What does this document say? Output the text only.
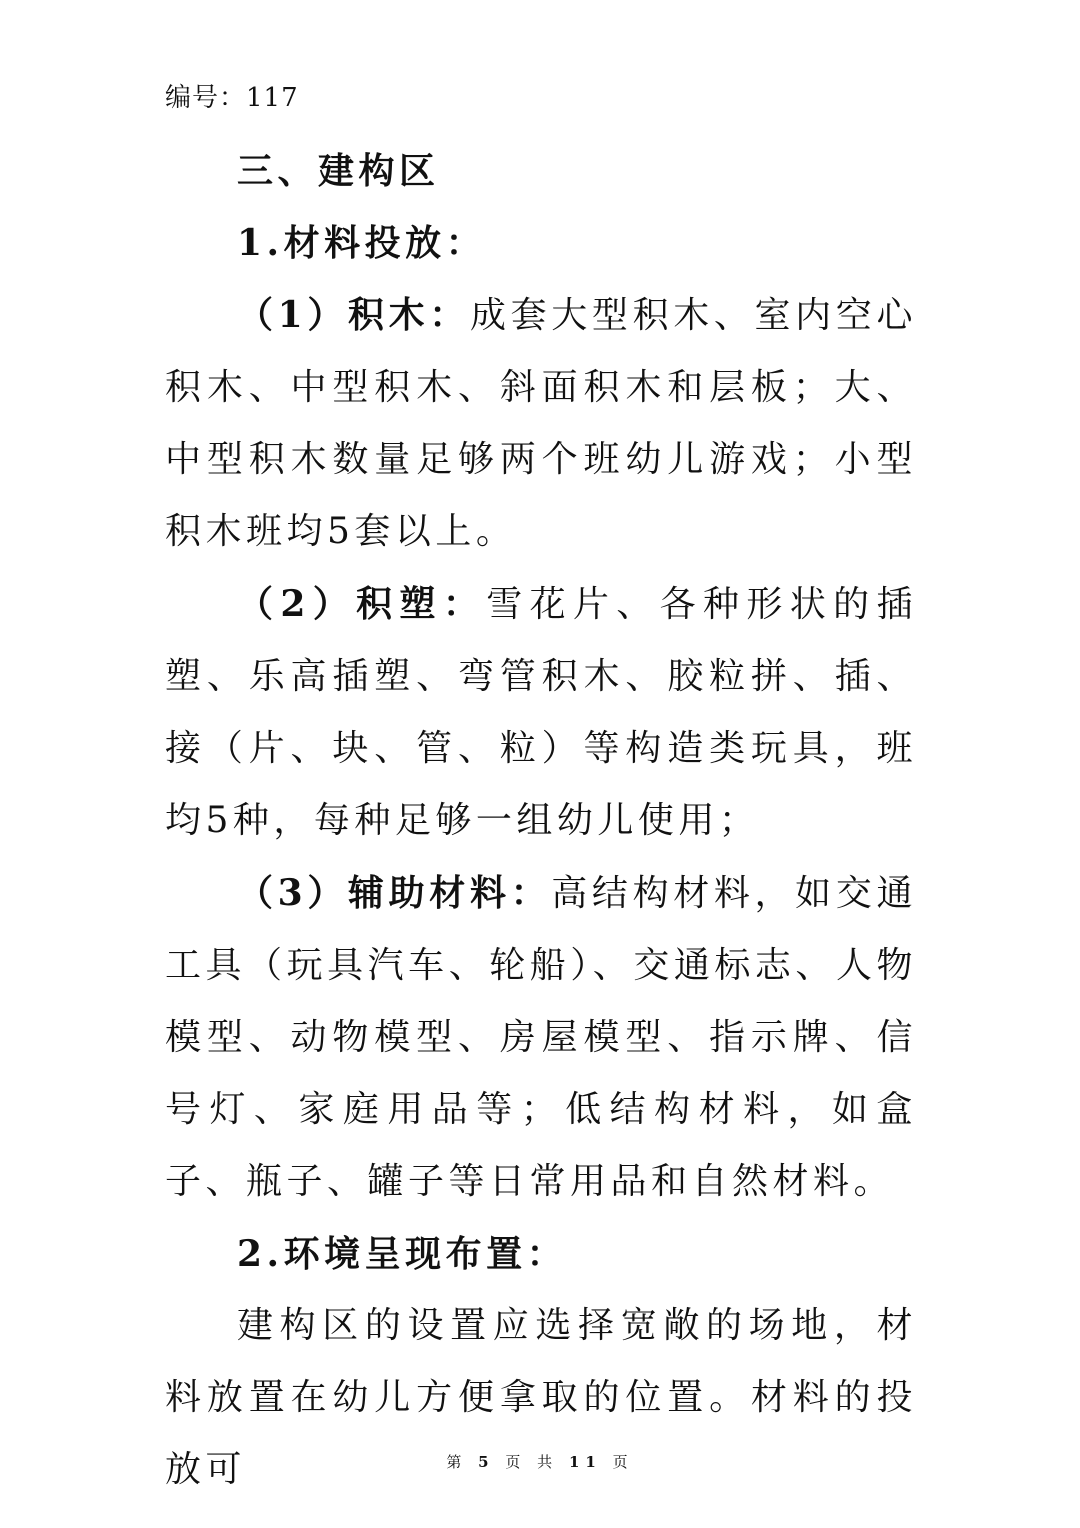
编号：117

三、建构区

1.材料投放：

（1）积木：成套大型积木、室内空心积木、中型积木、斜面积木和层板；大、中型积木数量足够两个班幼儿游戏；小型积木班均5套以上。

（2）积塑：雪花片、各种形状的插塑、乐高插塑、弯管积木、胶粒拼、插、接（片、块、管、粒）等构造类玩具，班均5种，每种足够一组幼儿使用；

（3）辅助材料：高结构材料，如交通工具（玩具汽车、轮船）、交通标志、人物模型、动物模型、房屋模型、指示牌、信号灯、家庭用品等；低结构材料，如盒子、瓶子、罐子等日常用品和自然材料。

2.环境呈现布置：

建构区的设置应选择宽敞的场地，材料放置在幼儿方便拿取的位置。材料的投放可	第 5 页 共 11 页
